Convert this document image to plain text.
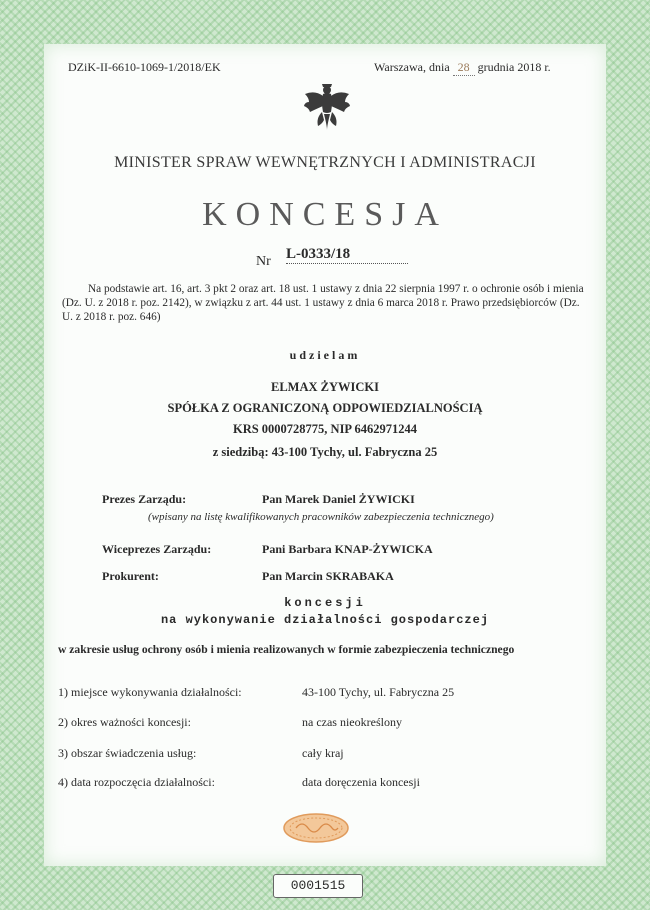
DZiK-II-6610-1069-1/2018/EK	Warszawa, dnia 28 grudnia 2018 r.
MINISTER SPRAW WEWNĘTRZNYCH I ADMINISTRACJI
KONCESJA
Nr L-0333/18

Na podstawie art. 16, art. 3 pkt 2 oraz art. 18 ust. 1 ustawy z dnia 22 sierpnia 1997 r. o ochronie osób i mienia (Dz. U. z 2018 r. poz. 2142), w związku z art. 44 ust. 1 ustawy z dnia 6 marca 2018 r. Prawo przedsiębiorców (Dz. U. z 2018 r. poz. 646)

udzielam
ELMAX ŻYWICKI
SPÓŁKA Z OGRANICZONĄ ODPOWIEDZIALNOŚCIĄ
KRS 0000728775, NIP 6462971244
z siedzibą: 43-100 Tychy, ul. Fabryczna 25
Prezes Zarządu:	Pan Marek Daniel ŻYWICKI
(wpisany na listę kwalifikowanych pracowników zabezpieczenia technicznego)
Wiceprezes Zarządu:	Pani Barbara KNAP-ŻYWICKA
Prokurent:	Pan Marcin SKRABAKA
koncesji
na wykonywanie działalności gospodarczej
w zakresie usług ochrony osób i mienia realizowanych w formie zabezpieczenia technicznego
1) miejsce wykonywania działalności:	43-100 Tychy, ul. Fabryczna 25
2) okres ważności koncesji:	na czas nieokreślony
3) obszar świadczenia usług:	cały kraj
4) data rozpoczęcia działalności:	data doręczenia koncesji
0001515
